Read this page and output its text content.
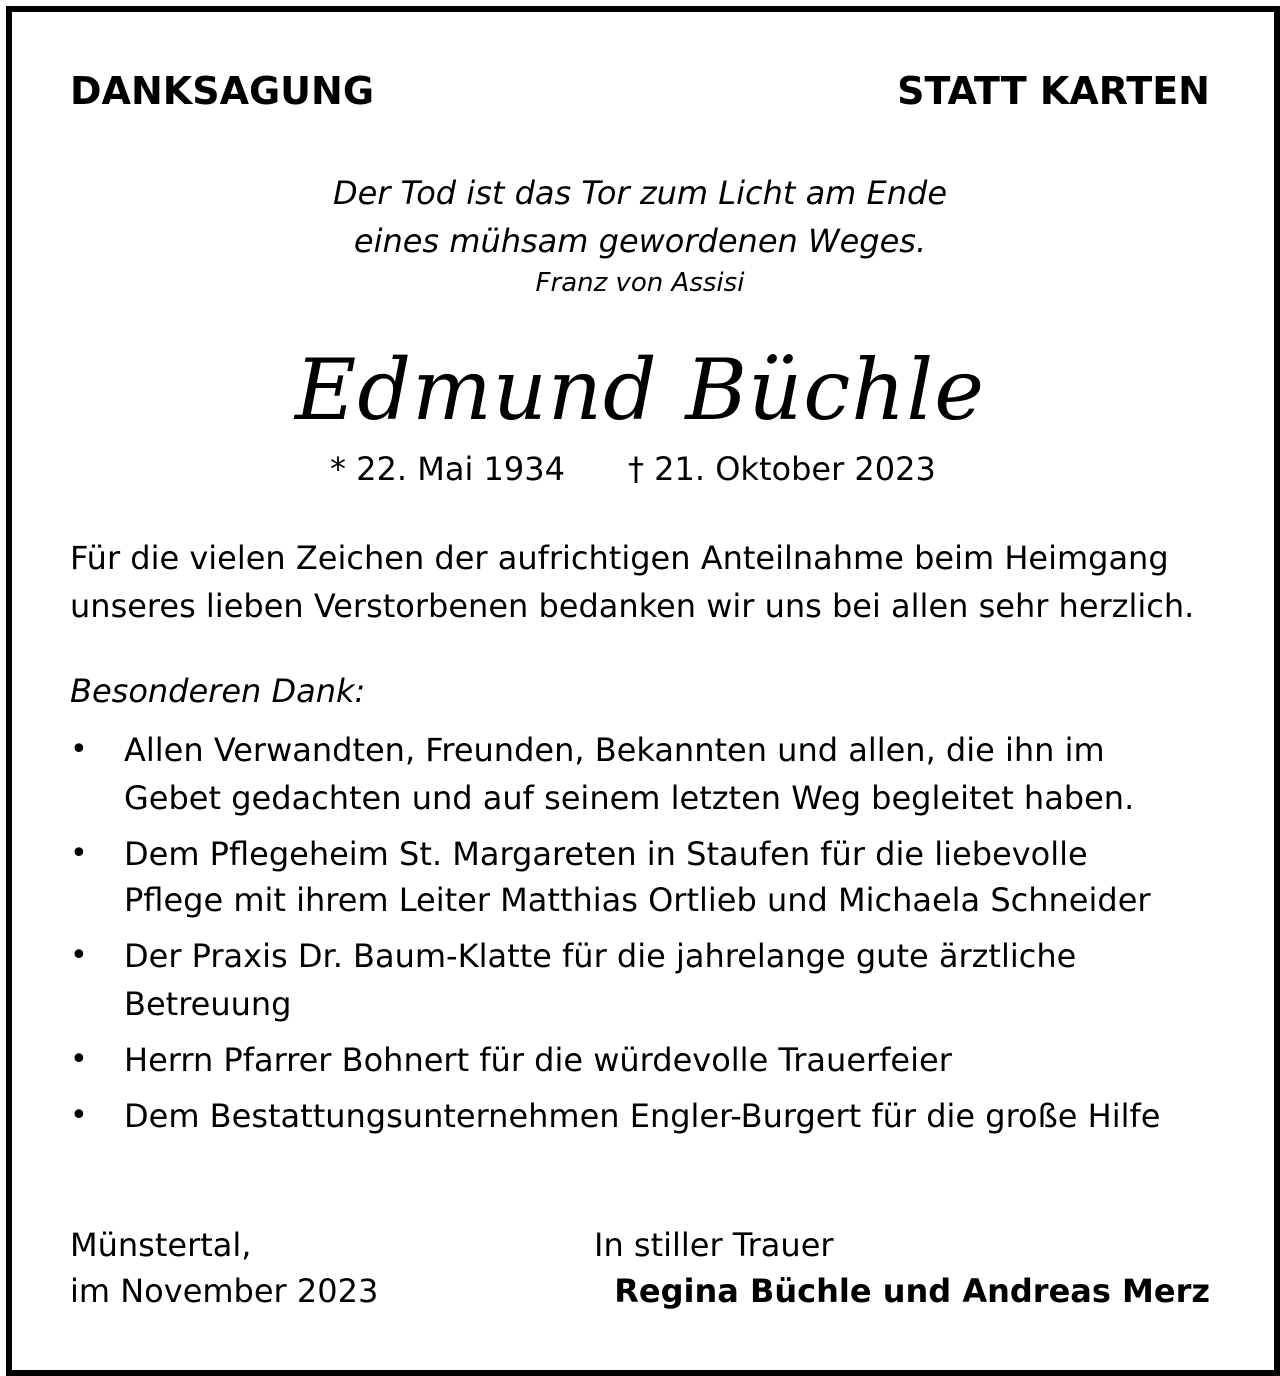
DANKSAGUNG	STATT KARTEN
Der Tod ist das Tor zum Licht am Ende
eines mühsam gewordenen Weges.
Franz von Assisi
Edmund Büchle
* 22. Mai 1934 † 21. Oktober 2023
Für die vielen Zeichen der aufrichtigen Anteilnahme beim Heimgang
unseres lieben Verstorbenen bedanken wir uns bei allen sehr herzlich.
Besonderen Dank:
• Allen Verwandten, Freunden, Bekannten und allen, die ihn im
Gebet gedachten und auf seinem letzten Weg begleitet haben.
• Dem Pflegeheim St. Margareten in Staufen für die liebevolle
Pflege mit ihrem Leiter Matthias Ortlieb und Michaela Schneider
• Der Praxis Dr. Baum-Klatte für die jahrelange gute ärztliche
Betreuung
• Herrn Pfarrer Bohnert für die würdevolle Trauerfeier
• Dem Bestattungsunternehmen Engler-Burgert für die große Hilfe
Münstertal,
im November 2023
In stiller Trauer
Regina Büchle und Andreas Merz
